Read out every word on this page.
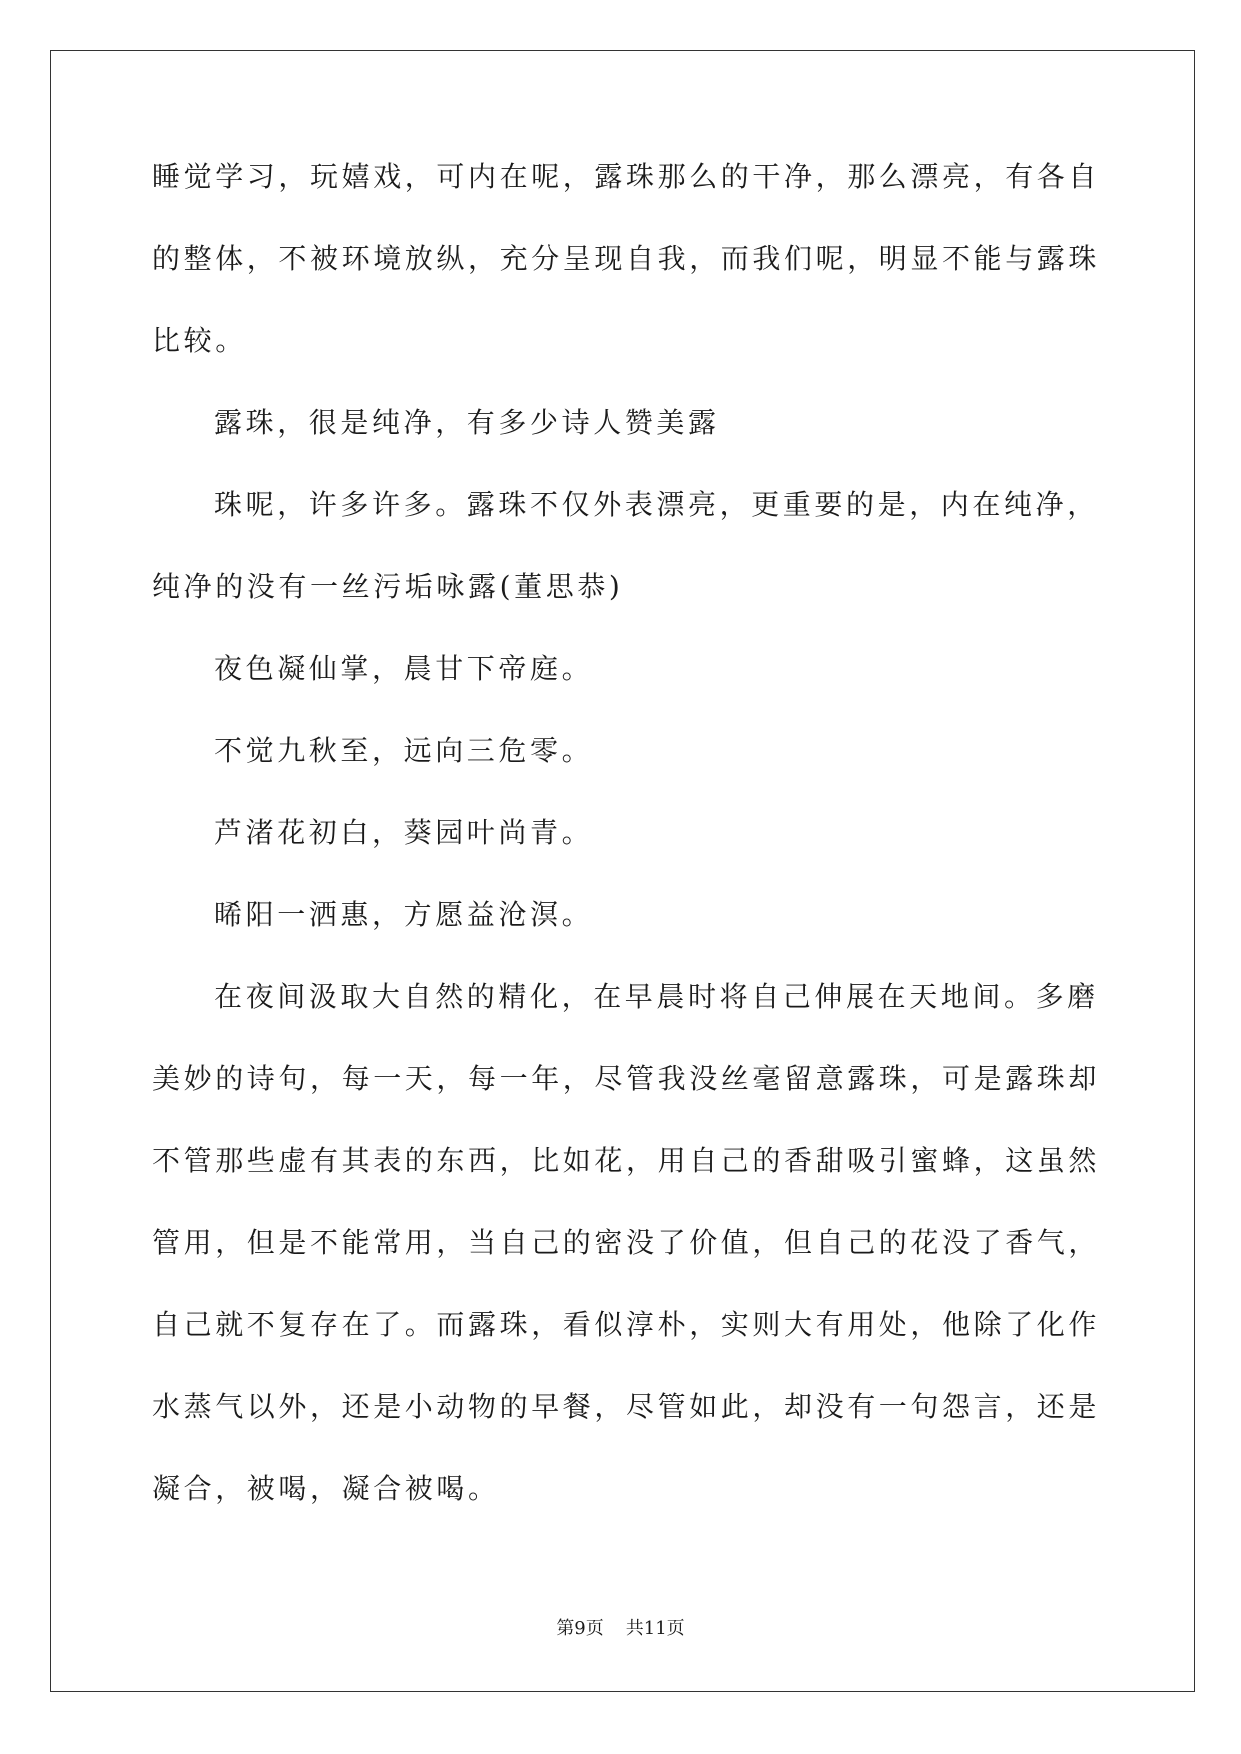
睡觉学习，玩嬉戏，可内在呢，露珠那么的干净，那么漂亮，有各自
的整体，不被环境放纵，充分呈现自我，而我们呢，明显不能与露珠
比较。
露珠，很是纯净，有多少诗人赞美露
珠呢，许多许多。露珠不仅外表漂亮，更重要的是，内在纯净，
纯净的没有一丝污垢咏露(董思恭)
夜色凝仙掌，晨甘下帝庭。
不觉九秋至，远向三危零。
芦渚花初白，葵园叶尚青。
晞阳一洒惠，方愿益沧溟。
在夜间汲取大自然的精化，在早晨时将自己伸展在天地间。多磨
美妙的诗句，每一天，每一年，尽管我没丝毫留意露珠，可是露珠却
不管那些虚有其表的东西，比如花，用自己的香甜吸引蜜蜂，这虽然
管用，但是不能常用，当自己的密没了价值，但自己的花没了香气，
自己就不复存在了。而露珠，看似淳朴，实则大有用处，他除了化作
水蒸气以外，还是小动物的早餐，尽管如此，却没有一句怨言，还是
凝合，被喝，凝合被喝。
第9页 共11页
